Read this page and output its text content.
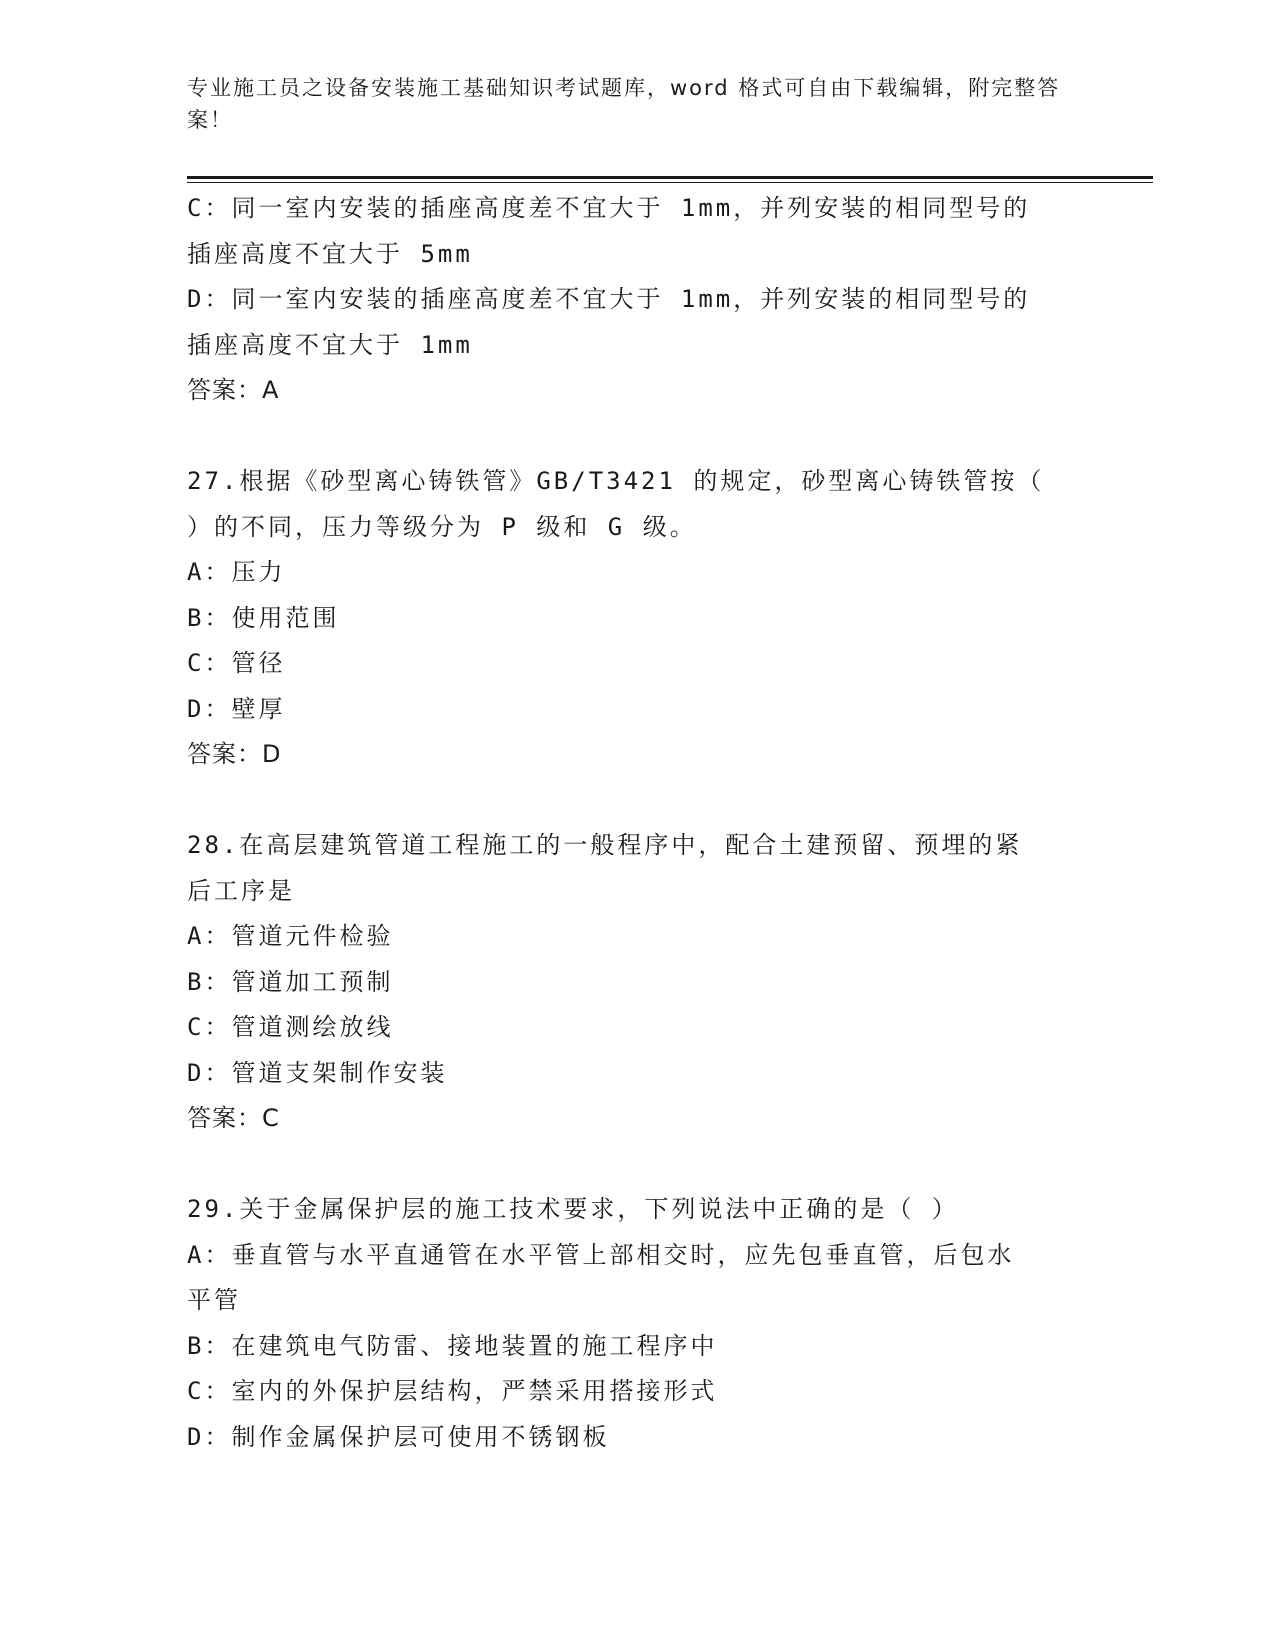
专业施工员之设备安装施工基础知识考试题库，word 格式可自由下载编辑，附完整答案！

C：同一室内安装的插座高度差不宜大于 1mm，并列安装的相同型号的

插座高度不宜大于 5mm

D：同一室内安装的插座高度差不宜大于 1mm，并列安装的相同型号的

插座高度不宜大于 1mm

答案：A

27.根据《砂型离心铸铁管》GB/T3421 的规定，砂型离心铸铁管按（

）的不同，压力等级分为 P 级和 G 级。

A：压力

B：使用范围

C：管径

D：壁厚

答案：D

28.在高层建筑管道工程施工的一般程序中，配合土建预留、预埋的紧

后工序是

A：管道元件检验

B：管道加工预制

C：管道测绘放线

D：管道支架制作安装

答案：C

29.关于金属保护层的施工技术要求，下列说法中正确的是（ ）

A：垂直管与水平直通管在水平管上部相交时，应先包垂直管，后包水

平管

B：在建筑电气防雷、接地装置的施工程序中

C：室内的外保护层结构，严禁采用搭接形式

D：制作金属保护层可使用不锈钢板
